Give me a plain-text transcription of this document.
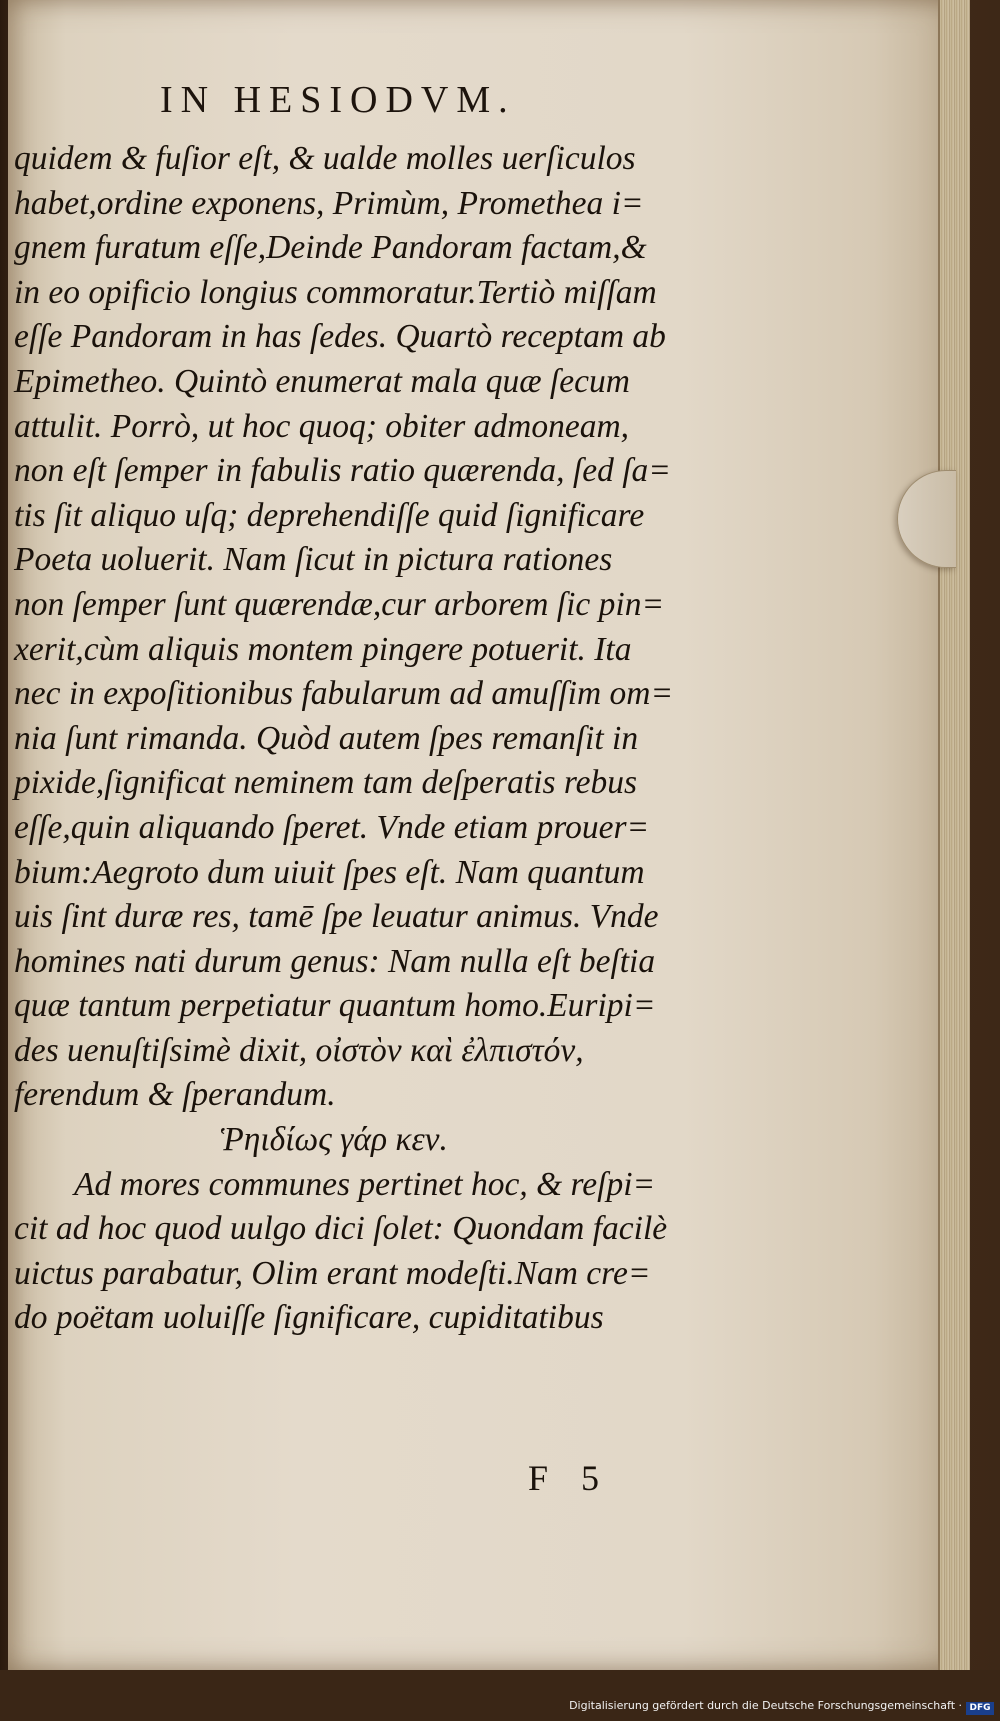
IN HESIODVM.
quidem & fuſior eſt, & ualde molles uerſiculos
habet,ordine exponens, Primùm, Promethea i=
gnem furatum eſſe,Deinde Pandoram factam,&
in eo opificio longius commoratur.Tertiò miſſam
eſſe Pandoram in has ſedes. Quartò receptam ab
Epimetheo. Quintò enumerat mala quæ ſecum
attulit. Porrò, ut hoc quoq; obiter admoneam,
non eſt ſemper in fabulis ratio quærenda, ſed ſa=
tis ſit aliquo uſq; deprehendiſſe quid ſignificare
Poeta uoluerit. Nam ſicut in pictura rationes
non ſemper ſunt quærendæ,cur arborem ſic pin=
xerit,cùm aliquis montem pingere potuerit. Ita
nec in expoſitionibus fabularum ad amuſſim om=
nia ſunt rimanda. Quòd autem ſpes remanſit in
pixide,ſignificat neminem tam deſperatis rebus
eſſe,quin aliquando ſperet. Vnde etiam prouer=
bium:Aegroto dum uiuit ſpes eſt. Nam quantum
uis ſint duræ res, tamē ſpe leuatur animus. Vnde
homines nati durum genus: Nam nulla eſt beſtia
quæ tantum perpetiatur quantum homo.Euripi=
des uenuſtiſsimè dixit, οἰστὸν καὶ ἐλπιστόν,
ferendum & ſperandum.
Ῥηιδίως γάρ κεν.
Ad mores communes pertinet hoc, & reſpi=
cit ad hoc quod uulgo dici ſolet: Quondam facilè
uictus parabatur, Olim erant modeſti.Nam cre=
do poëtam uoluiſſe ſignificare, cupiditatibus
F 5
Digitalisierung gefördert durch die Deutsche Forschungsgemeinschaft · DFG
